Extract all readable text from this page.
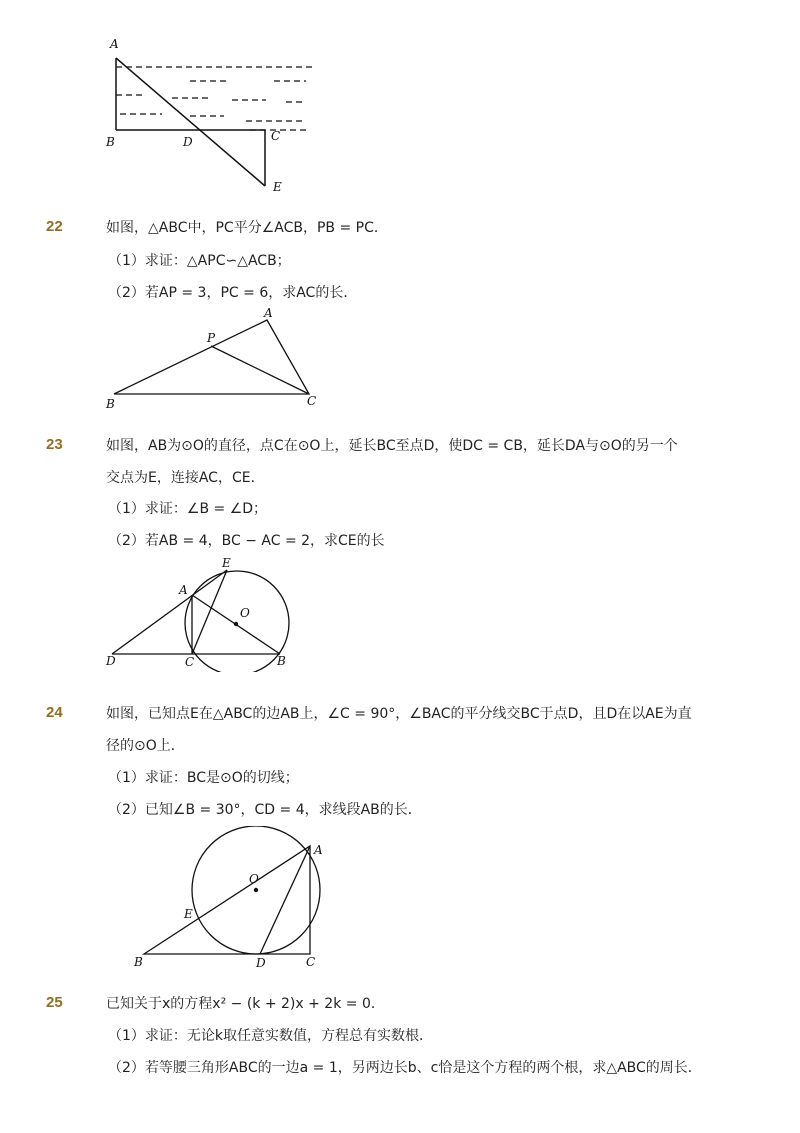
A
B	D	C
E
22	如图，△ABC中，PC平分∠ACB，PB = PC．
（1）求证：△APC∽△ACB；
（2）若AP = 3，PC = 6，求AC的长．
A
P
B	C
23	如图，AB为⊙O的直径，点C在⊙O上，延长BC至点D，使DC = CB，延长DA与⊙O的另一个
交点为E，连接AC，CE．
（1）求证：∠B = ∠D；
（2）若AB = 4，BC − AC = 2，求CE的长
E
A
O
D	C	B
24	如图，已知点E在△ABC的边AB上，∠C = 90°，∠BAC的平分线交BC于点D，且D在以AE为直
径的⊙O上．
（1）求证：BC是⊙O的切线；
（2）已知∠B = 30°，CD = 4，求线段AB的长．
O
A
E
B	D	C
25	已知关于x的方程x² − (k + 2)x + 2k = 0．
（1）求证：无论k取任意实数值，方程总有实数根．
（2）若等腰三角形ABC的一边a = 1，另两边长b、c恰是这个方程的两个根，求△ABC的周长．
